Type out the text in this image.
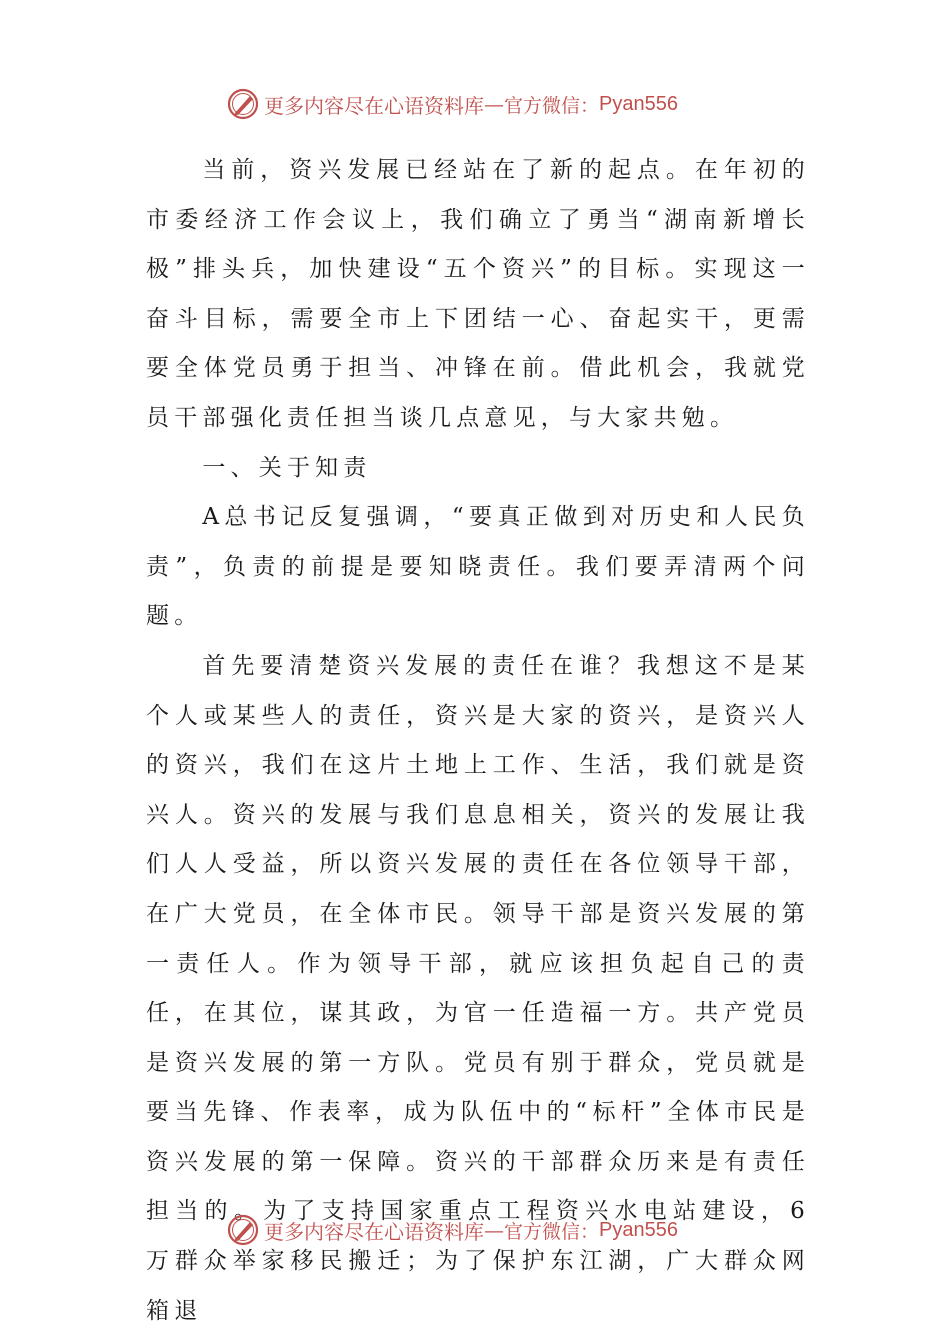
更多内容尽在心语资料库 — 官方微信： Pyan556

当前，资兴发展已经站在了新的起点。在年初的市委经济工作会议上，我们确立了勇当“湖南新增长极”排头兵，加快建设“五个资兴”的目标。实现这一奋斗目标，需要全市上下团结一心、奋起实干，更需要全体党员勇于担当、冲锋在前。借此机会，我就党员干部强化责任担当谈几点意见，与大家共勉。

一、关于知责

A总书记反复强调，“要真正做到对历史和人民负责”，负责的前提是要知晓责任。我们要弄清两个问题。

首先要清楚资兴发展的责任在谁？我想这不是某个人或某些人的责任，资兴是大家的资兴，是资兴人的资兴，我们在这片土地上工作、生活，我们就是资兴人。资兴的发展与我们息息相关，资兴的发展让我们人人受益，所以资兴发展的责任在各位领导干部，在广大党员，在全体市民。领导干部是资兴发展的第一责任人。作为领导干部，就应该担负起自己的责任，在其位，谋其政，为官一任造福一方。共产党员是资兴发展的第一方队。党员有别于群众，党员就是要当先锋、作表率，成为队伍中的“标杆”全体市民是资兴发展的第一保障。资兴的干部群众历来是有责任担当的。为了支持国家重点工程资兴水电站建设，6万群众举家移民搬迁；为了保护东江湖，广大群众网箱退

更多内容尽在心语资料库 — 官方微信： Pyan556
